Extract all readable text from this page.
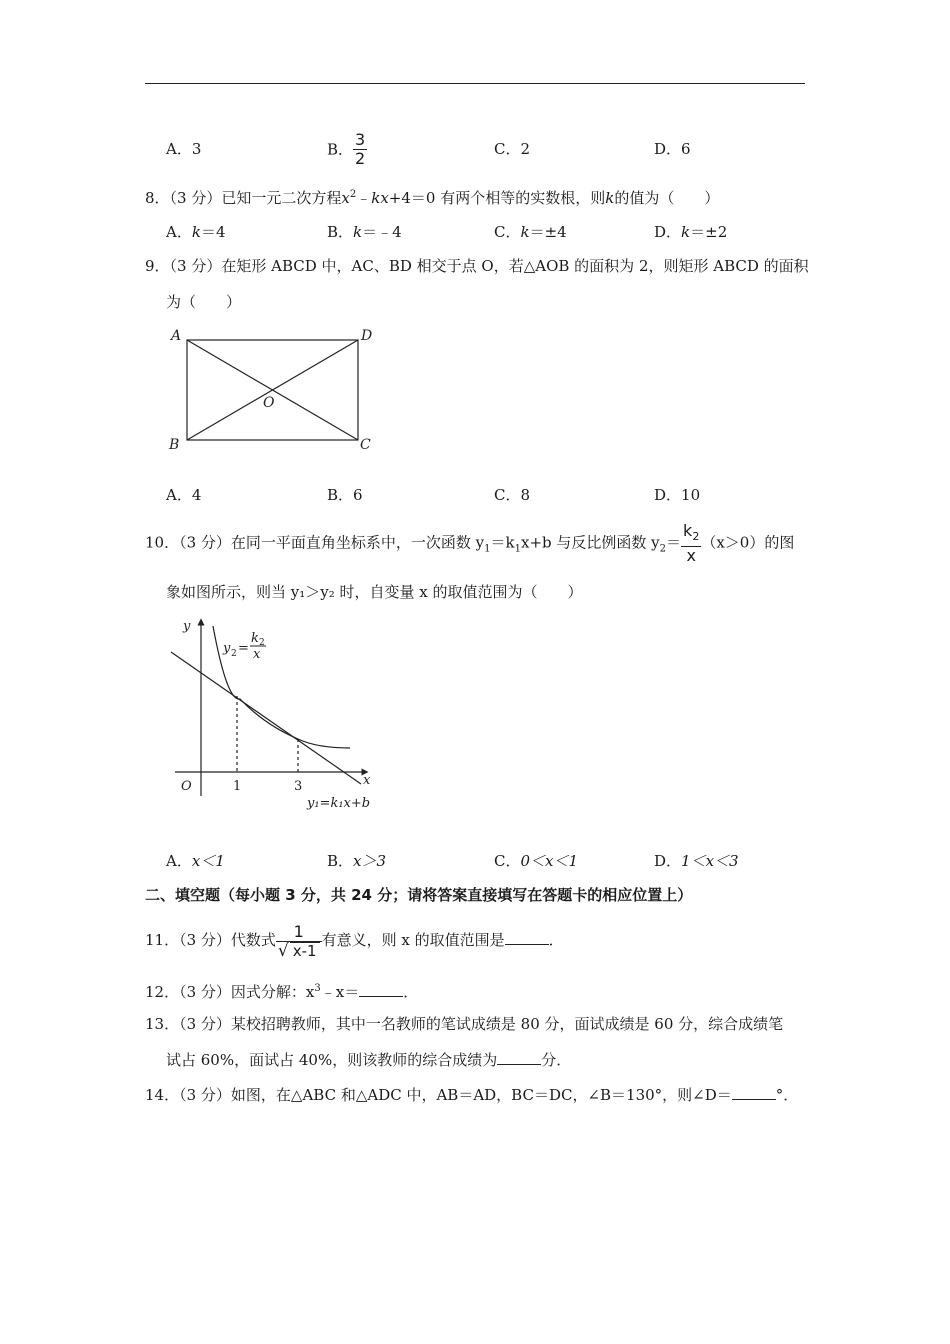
A．3	B． $\frac{3}{2}$	C．2	D．6
8．（3 分）已知一元二次方程$x^2﹣kx+4=0$ 有两个相等的实数根，则k的值为（　　）
A．k＝4	B．k＝﹣4	C．k＝±4	D．k＝±2
9．（3 分）在矩形 ABCD 中，AC、BD 相交于点 O，若△AOB 的面积为 2，则矩形 ABCD 的面积
为（　　）
A	D
B	C
O
A．4	B．6	C．8	D．10
10．（3 分）在同一平面直角坐标系中，一次函数 $y_1=k_1x+b$ 与反比例函数 $y_2= \frac{k_2}{x} (x>0)$的图
象如图所示，则当 y₁＞y₂ 时，自变量 x 的取值范围为（　　）
y
x
O	1	3
y 2 =
k 2
x
y₁=k₁x+b
A．x＜1	B．x＞3	C．0＜x＜1	D．1＜x＜3
二、填空题（每小题 3 分，共 24 分；请将答案直接填写在答题卡的相应位置上）
11．（3 分）代数式 $\frac{1}{√ x-1}$ 有意义，则 x 的取值范围是	．
12．（3 分）因式分解：$x^3﹣x=$	．
13．（3 分）某校招聘教师，其中一名教师的笔试成绩是 80 分，面试成绩是 60 分，综合成绩笔
试占 60%，面试占 40%，则该教师的综合成绩为	分．
14．（3 分）如图，在△ABC 和△ADC 中，AB＝AD，BC＝DC，∠B＝130°，则∠D＝	°．
